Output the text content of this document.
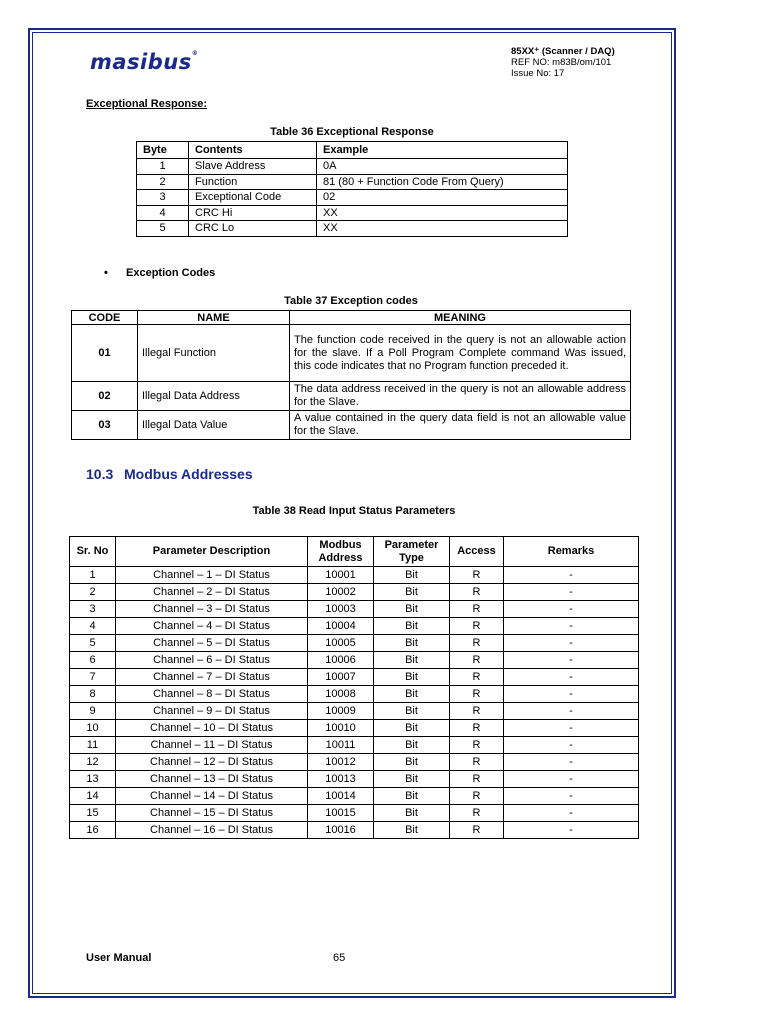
masibus®	85XX⁺ (Scanner / DAQ)
REF NO: m83B/om/101
Issue No: 17
Exceptional Response:
Table 36 Exceptional Response
Byte	Contents	Example
1	Slave Address	0A
2	Function	81 (80 + Function Code From Query)
3	Exceptional Code	02
4	CRC Hi	XX
5	CRC Lo	XX
• Exception Codes
Table 37 Exception codes
CODE	NAME	MEANING
01	Illegal Function	The function code received in the query is not an allowable action for the slave. If a Poll Program Complete command Was issued, this code indicates that no Program function preceded it.
02	Illegal Data Address	The data address received in the query is not an allowable address for the Slave.
03	Illegal Data Value	A value contained in the query data field is not an allowable value for the Slave.
10.3 Modbus Addresses
Table 38 Read Input Status Parameters
Sr. No	Parameter Description	Modbus Address	Parameter Type	Access	Remarks
1	Channel – 1 – DI Status	10001	Bit	R	-
2	Channel – 2 – DI Status	10002	Bit	R	-
3	Channel – 3 – DI Status	10003	Bit	R	-
4	Channel – 4 – DI Status	10004	Bit	R	-
5	Channel – 5 – DI Status	10005	Bit	R	-
6	Channel – 6 – DI Status	10006	Bit	R	-
7	Channel – 7 – DI Status	10007	Bit	R	-
8	Channel – 8 – DI Status	10008	Bit	R	-
9	Channel – 9 – DI Status	10009	Bit	R	-
10	Channel – 10 – DI Status	10010	Bit	R	-
11	Channel – 11 – DI Status	10011	Bit	R	-
12	Channel – 12 – DI Status	10012	Bit	R	-
13	Channel – 13 – DI Status	10013	Bit	R	-
14	Channel – 14 – DI Status	10014	Bit	R	-
15	Channel – 15 – DI Status	10015	Bit	R	-
16	Channel – 16 – DI Status	10016	Bit	R	-
User Manual	65
